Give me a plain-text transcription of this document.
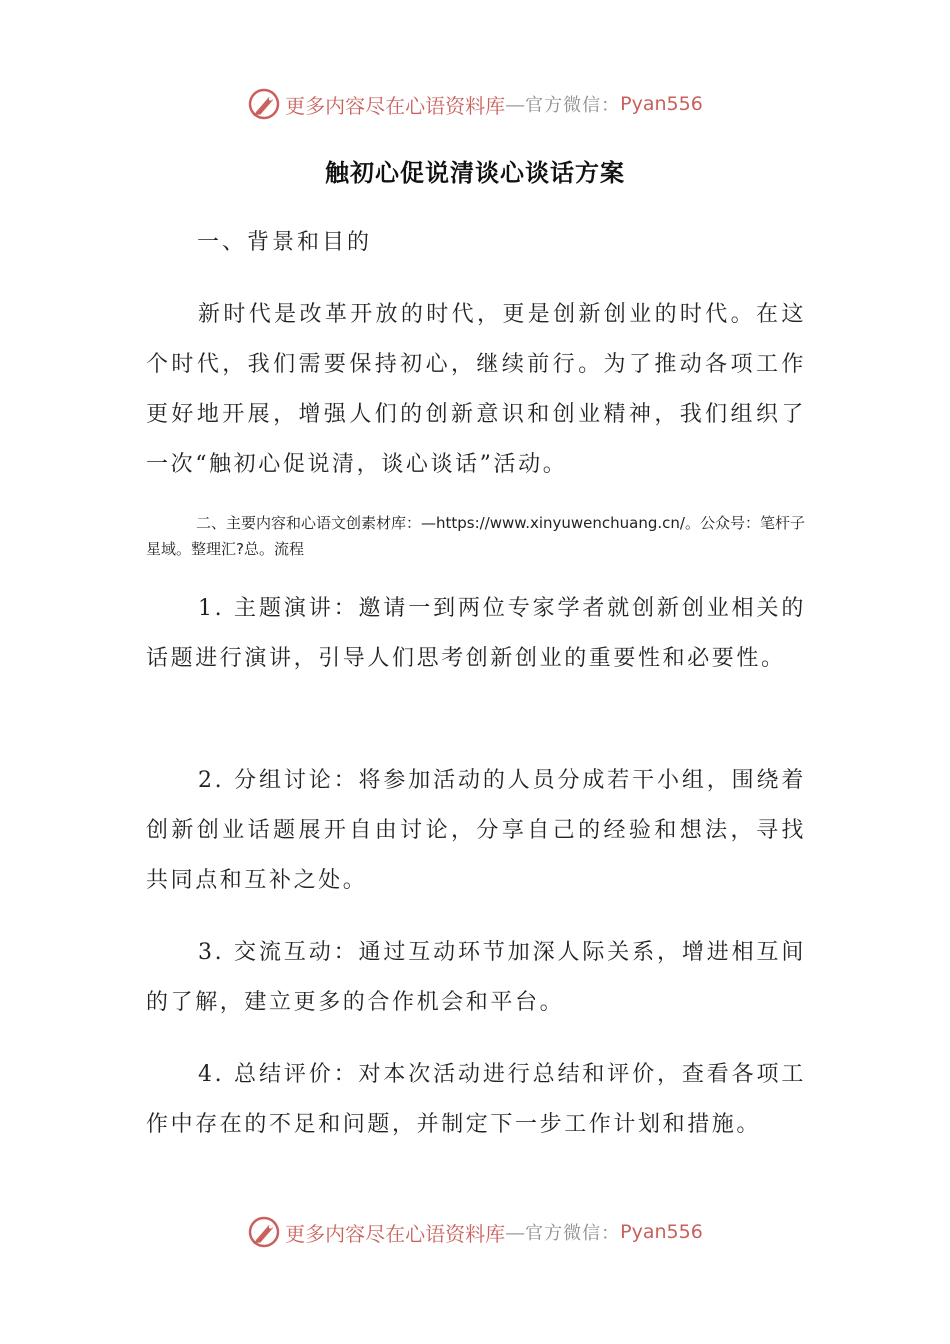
更多内容尽在心语资料库 — 官方微信： Pyan556
触初心促说清谈心谈话方案
一、背景和目的

新时代是改革开放的时代，更是创新创业的时代。在这个时代，我们需要保持初心，继续前行。为了推动各项工作更好地开展，增强人们的创新意识和创业精神，我们组织了一次“触初心促说清，谈心谈话”活动。

二、主要内容和心语文创素材库：—https://www.xinyuwenchuang.cn/。公众号：笔杆子星域。整理汇?总。流程

1. 主题演讲：邀请一到两位专家学者就创新创业相关的话题进行演讲，引导人们思考创新创业的重要性和必要性。

2. 分组讨论：将参加活动的人员分成若干小组，围绕着创新创业话题展开自由讨论，分享自己的经验和想法，寻找共同点和互补之处。

3. 交流互动：通过互动环节加深人际关系，增进相互间的了解，建立更多的合作机会和平台。

4. 总结评价：对本次活动进行总结和评价，查看各项工作中存在的不足和问题，并制定下一步工作计划和措施。

更多内容尽在心语资料库 — 官方微信： Pyan556
